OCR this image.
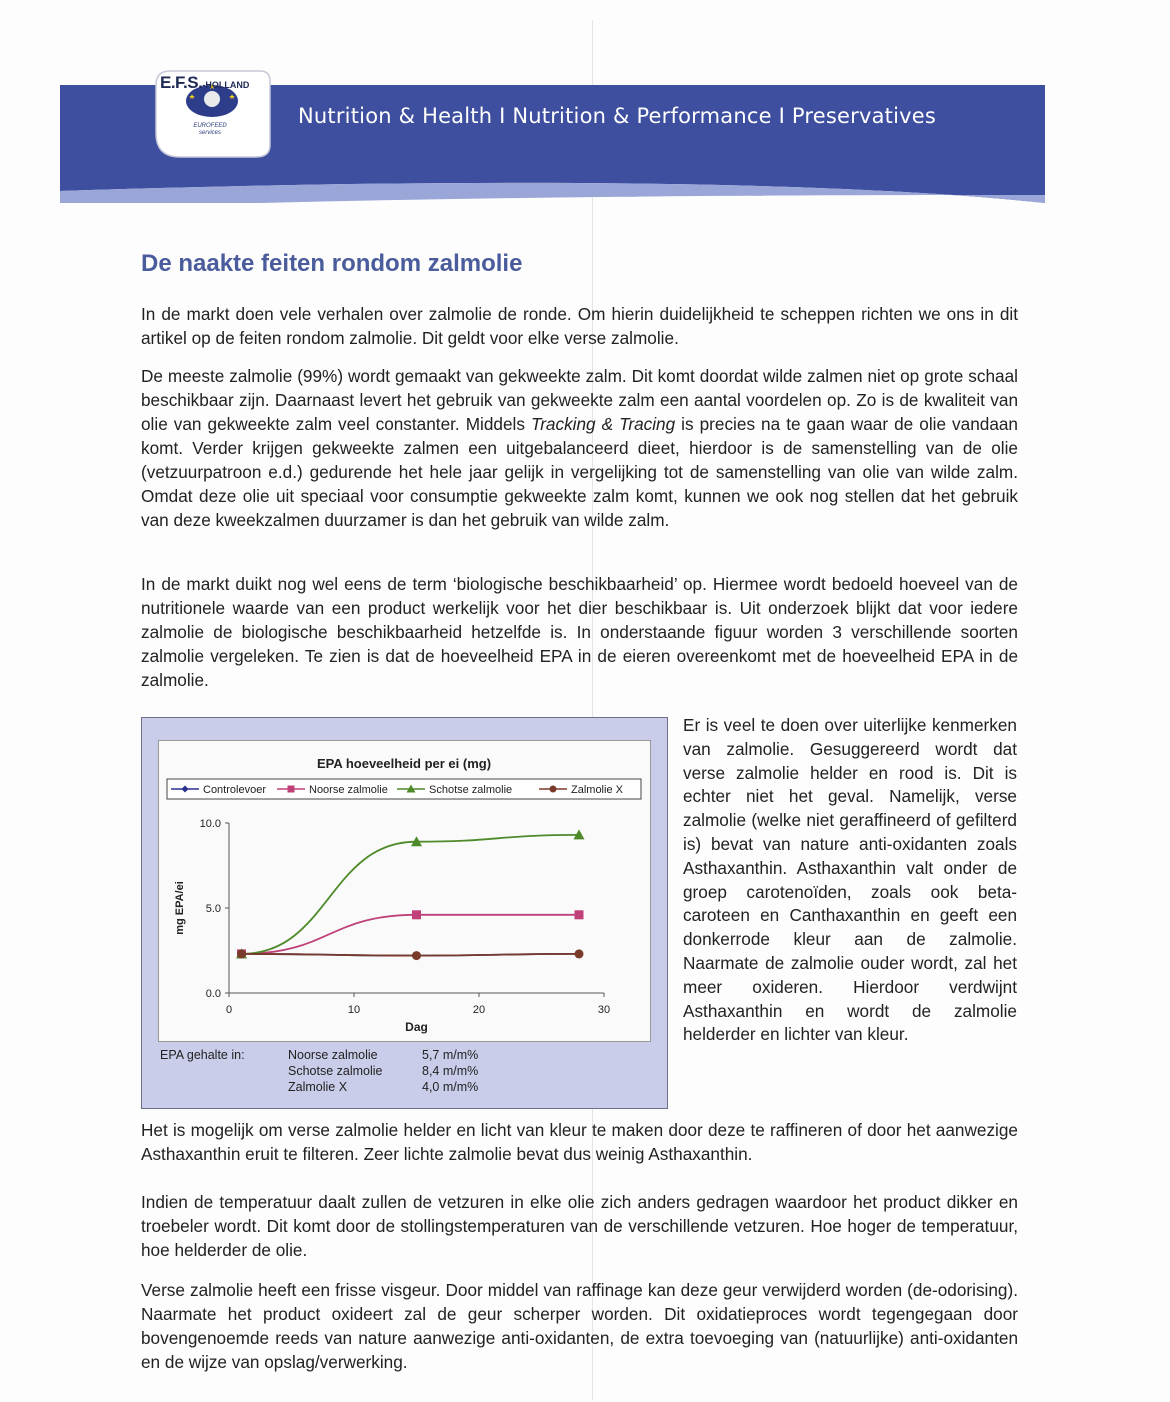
Nutrition & Health I Nutrition & Performance I Preservatives
E.F.S.-HOLLAND
EUROFEED services
De naakte feiten rondom zalmolie

In de markt doen vele verhalen over zalmolie de ronde. Om hierin duidelijkheid te scheppen richten we ons in dit artikel op de feiten rondom zalmolie. Dit geldt voor elke verse zalmolie.

De meeste zalmolie (99%) wordt gemaakt van gekweekte zalm. Dit komt doordat wilde zalmen niet op grote schaal beschikbaar zijn. Daarnaast levert het gebruik van gekweekte zalm een aantal voordelen op. Zo is de kwaliteit van olie van gekweekte zalm veel constanter. Middels Tracking & Tracing is precies na te gaan waar de olie vandaan komt. Verder krijgen gekweekte zalmen een uitgebalanceerd dieet, hierdoor is de samenstelling van de olie (vetzuurpatroon e.d.) gedurende het hele jaar gelijk in vergelijking tot de samenstelling van olie van wilde zalm. Omdat deze olie uit speciaal voor consumptie gekweekte zalm komt, kunnen we ook nog stellen dat het gebruik van deze kweekzalmen duurzamer is dan het gebruik van wilde zalm.

In de markt duikt nog wel eens de term ‘biologische beschikbaarheid’ op. Hiermee wordt bedoeld hoeveel van de nutritionele waarde van een product werkelijk voor het dier beschikbaar is. Uit onderzoek blijkt dat voor iedere zalmolie de biologische beschikbaarheid hetzelfde is. In onderstaande figuur worden 3 verschillende soorten zalmolie vergeleken. Te zien is dat de hoeveelheid EPA in de eieren overeenkomt met de hoeveelheid EPA in de zalmolie.

EPA hoeveelheid per ei (mg)
Controlevoer	Noorse zalmolie	Schotse zalmolie	Zalmolie X
0.0
5.0
10.0
0	10	20	30
Dag
mg EPA/ei
EPA gehalte in:	Noorse zalmolie	5,7 m/m%
Schotse zalmolie	8,4 m/m%
Zalmolie X	4,0 m/m%

Er is veel te doen over uiterlijke kenmerken van zalmolie. Gesuggereerd wordt dat verse zalmolie helder en rood is. Dit is echter niet het geval. Namelijk, verse zalmolie (welke niet geraffineerd of gefilterd is) bevat van nature anti-oxidanten zoals Asthaxanthin. Asthaxanthin valt onder de groep carotenoïden, zoals ook beta-caroteen en Canthaxanthin en geeft een donkerrode kleur aan de zalmolie. Naarmate de zalmolie ouder wordt, zal het meer oxideren. Hierdoor verdwijnt Asthaxanthin en wordt de zalmolie helderder en lichter van kleur.

Het is mogelijk om verse zalmolie helder en licht van kleur te maken door deze te raffineren of door het aanwezige Asthaxanthin eruit te filteren. Zeer lichte zalmolie bevat dus weinig Asthaxanthin.

Indien de temperatuur daalt zullen de vetzuren in elke olie zich anders gedragen waardoor het product dikker en troebeler wordt. Dit komt door de stollingstemperaturen van de verschillende vetzuren. Hoe hoger de temperatuur, hoe helderder de olie.

Verse zalmolie heeft een frisse visgeur. Door middel van raffinage kan deze geur verwijderd worden (de-odorising). Naarmate het product oxideert zal de geur scherper worden. Dit oxidatieproces wordt tegengegaan door bovengenoemde reeds van nature aanwezige anti-oxidanten, de extra toevoeging van (natuurlijke) anti-oxidanten en de wijze van opslag/verwerking.
